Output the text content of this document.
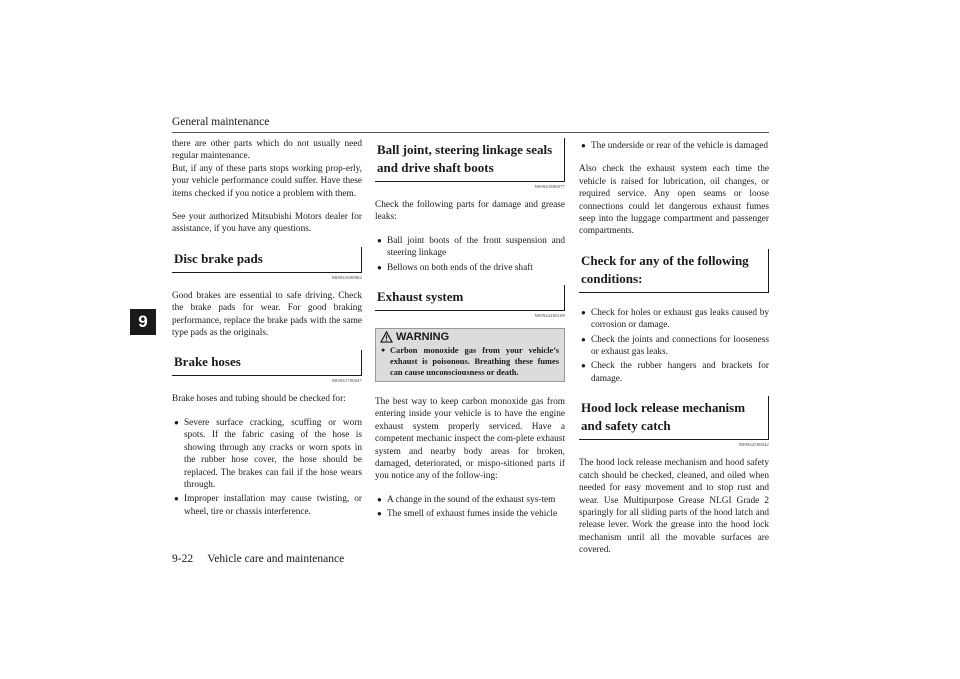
General maintenance
9

there are other parts which do not usually need regular maintenance.

But, if any of these parts stops working prop-erly, your vehicle performance could suffer. Have these items checked if you notice a problem with them.

See your authorized Mitsubishi Motors dealer for assistance, if you have any questions.

Disc brake pads
N00941600062

Good brakes are essential to safe driving. Check the brake pads for wear. For good braking performance, replace the brake pads with the same type pads as the originals.

Brake hoses
N00941700047

Brake hoses and tubing should be checked for:

● Severe surface cracking, scuffing or worn spots. If the fabric casing of the hose is showing through any cracks or worn spots in the rubber hose cover, the hose should be replaced. The brakes can fail if the hose wears through.
● Improper installation may cause twisting, or wheel, tire or chassis interference.
Ball joint, steering linkage seals and drive shaft boots
N00941800077

Check the following parts for damage and grease leaks:

● Ball joint boots of the front suspension and steering linkage
● Bellows on both ends of the drive shaft
Exhaust system
N00942200108
WARNING
● Carbon monoxide gas from your vehicle’s exhaust is poisonous. Breathing these fumes can cause unconsciousness or death.

The best way to keep carbon monoxide gas from entering inside your vehicle is to have the engine exhaust system properly serviced. Have a competent mechanic inspect the com-plete exhaust system and nearby body areas for broken, damaged, deteriorated, or mispo-sitioned parts if you notice any of the follow-ing:

● A change in the sound of the exhaust sys-tem
● The smell of exhaust fumes inside the vehicle
● The underside or rear of the vehicle is damaged

Also check the exhaust system each time the vehicle is raised for lubrication, oil changes, or required service. Any open seams or loose connections could let dangerous exhaust fumes seep into the luggage compartment and passenger compartments.

Check for any of the following conditions:
● Check for holes or exhaust gas leaks caused by corrosion or damage.
● Check the joints and connections for looseness or exhaust gas leaks.
● Check the rubber hangers and brackets for damage.
Hood lock release mechanism and safety catch
N00942500042

The hood lock release mechanism and hood safety catch should be checked, cleaned, and oiled when needed for easy movement and to stop rust and wear. Use Multipurpose Grease NLGI Grade 2 sparingly for all sliding parts of the hood latch and release lever. Work the grease into the hood lock mechanism until all the movable surfaces are covered.

9-22     Vehicle care and maintenance
